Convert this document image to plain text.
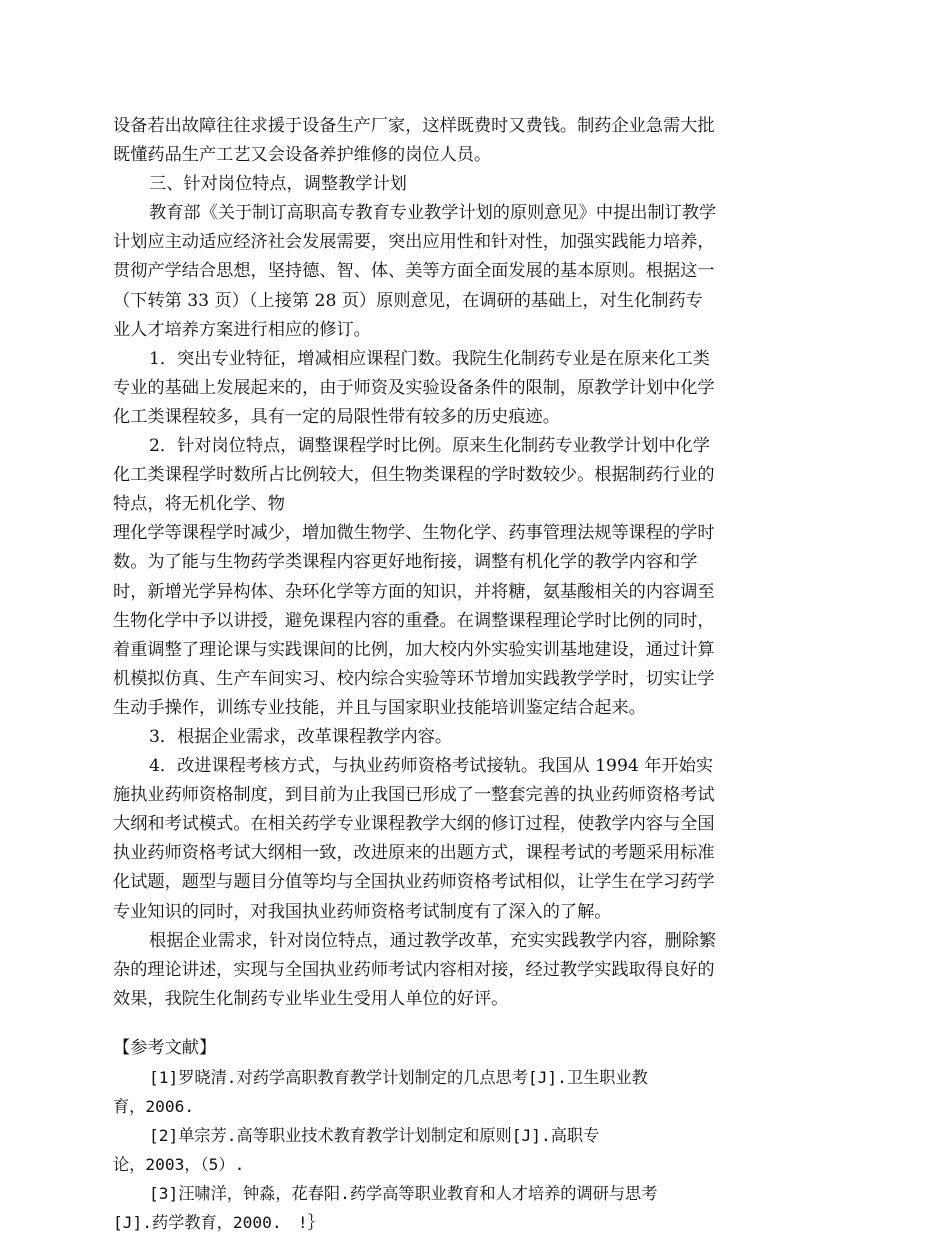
设备若出故障往往求援于设备生产厂家，这样既费时又费钱。制药企业急需大批
既懂药品生产工艺又会设备养护维修的岗位人员。
三、针对岗位特点，调整教学计划
教育部《关于制订高职高专教育专业教学计划的原则意见》中提出制订教学
计划应主动适应经济社会发展需要，突出应用性和针对性，加强实践能力培养，
贯彻产学结合思想，坚持德、智、体、美等方面全面发展的基本原则。根据这一
（下转第 33 页）（上接第 28 页）原则意见，在调研的基础上，对生化制药专
业人才培养方案进行相应的修订。
1．突出专业特征，增减相应课程门数。我院生化制药专业是在原来化工类
专业的基础上发展起来的，由于师资及实验设备条件的限制，原教学计划中化学
化工类课程较多，具有一定的局限性带有较多的历史痕迹。
2．针对岗位特点，调整课程学时比例。原来生化制药专业教学计划中化学
化工类课程学时数所占比例较大，但生物类课程的学时数较少。根据制药行业的
特点，将无机化学、物
理化学等课程学时减少，增加微生物学、生物化学、药事管理法规等课程的学时
数。为了能与生物药学类课程内容更好地衔接，调整有机化学的教学内容和学
时，新增光学异构体、杂环化学等方面的知识，并将糖，氨基酸相关的内容调至
生物化学中予以讲授，避免课程内容的重叠。在调整课程理论学时比例的同时，
着重调整了理论课与实践课间的比例，加大校内外实验实训基地建设，通过计算
机模拟仿真、生产车间实习、校内综合实验等环节增加实践教学学时，切实让学
生动手操作，训练专业技能，并且与国家职业技能培训鉴定结合起来。
3．根据企业需求，改革课程教学内容。
4．改进课程考核方式，与执业药师资格考试接轨。我国从 1994 年开始实
施执业药师资格制度，到目前为止我国已形成了一整套完善的执业药师资格考试
大纲和考试模式。在相关药学专业课程教学大纲的修订过程，使教学内容与全国
执业药师资格考试大纲相一致，改进原来的出题方式，课程考试的考题采用标准
化试题，题型与题目分值等均与全国执业药师资格考试相似，让学生在学习药学
专业知识的同时，对我国执业药师资格考试制度有了深入的了解。
根据企业需求，针对岗位特点，通过教学改革，充实实践教学内容，删除繁
杂的理论讲述，实现与全国执业药师考试内容相对接，经过教学实践取得良好的
效果，我院生化制药专业毕业生受用人单位的好评。
【参考文献】
[1]罗晓清.对药学高职教育教学计划制定的几点思考[J].卫生职业教
育，2006.
[2]单宗芳.高等职业技术教育教学计划制定和原则[J].高职专
论，2003，（5）.
[3]汪啸洋，钟淼，花春阳.药学高等职业教育和人才培养的调研与思考
[J].药学教育，2000.　!｝
